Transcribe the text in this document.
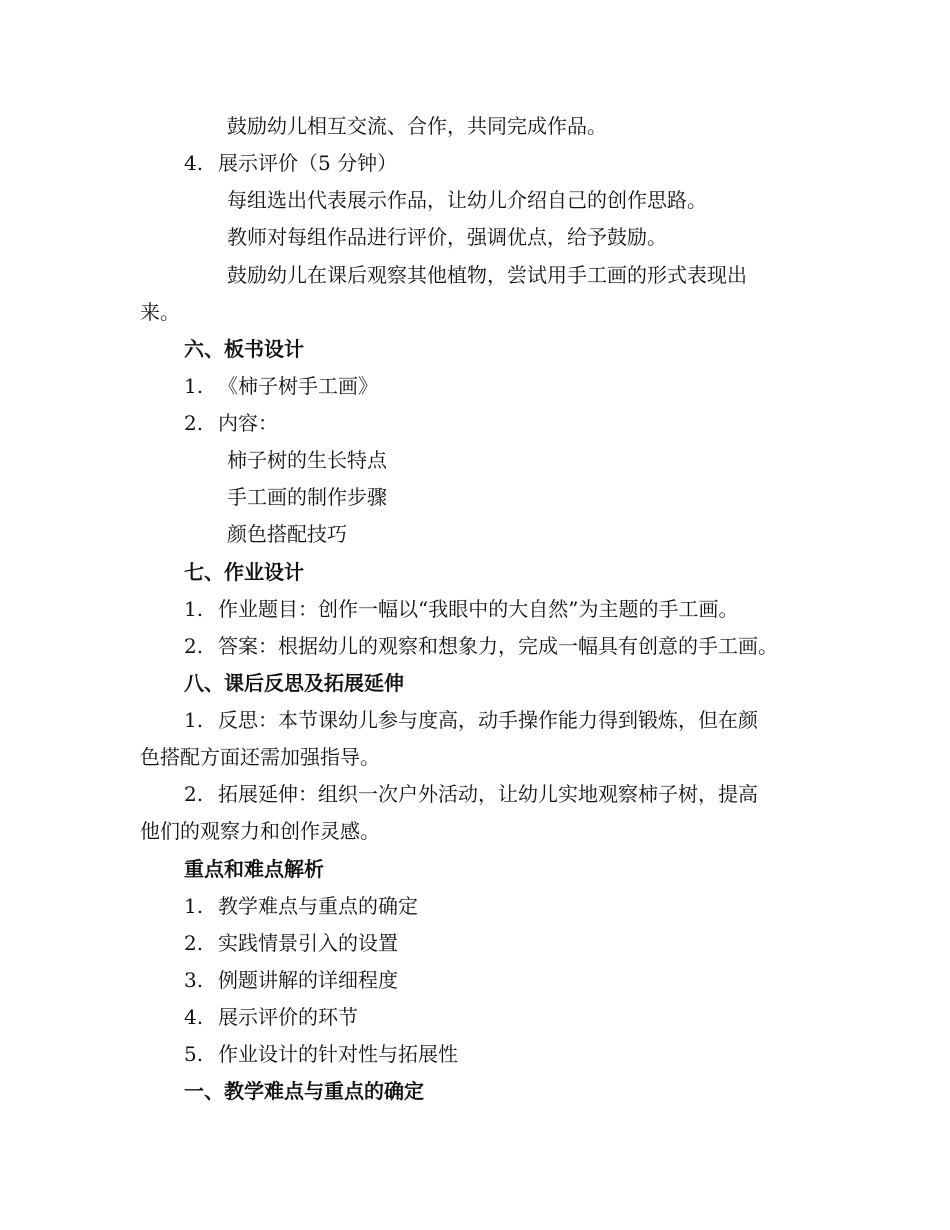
鼓励幼儿相互交流、合作，共同完成作品。
4. 展示评价（5 分钟）
每组选出代表展示作品，让幼儿介绍自己的创作思路。
教师对每组作品进行评价，强调优点，给予鼓励。
鼓励幼儿在课后观察其他植物，尝试用手工画的形式表现出
来。
六、板书设计
1. 《柿子树手工画》
2. 内容：
柿子树的生长特点
手工画的制作步骤
颜色搭配技巧
七、作业设计
1. 作业题目：创作一幅以“我眼中的大自然”为主题的手工画。
2. 答案：根据幼儿的观察和想象力，完成一幅具有创意的手工画。
八、课后反思及拓展延伸
1. 反思：本节课幼儿参与度高，动手操作能力得到锻炼，但在颜
色搭配方面还需加强指导。
2. 拓展延伸：组织一次户外活动，让幼儿实地观察柿子树，提高
他们的观察力和创作灵感。
重点和难点解析
1. 教学难点与重点的确定
2. 实践情景引入的设置
3. 例题讲解的详细程度
4. 展示评价的环节
5. 作业设计的针对性与拓展性
一、教学难点与重点的确定
